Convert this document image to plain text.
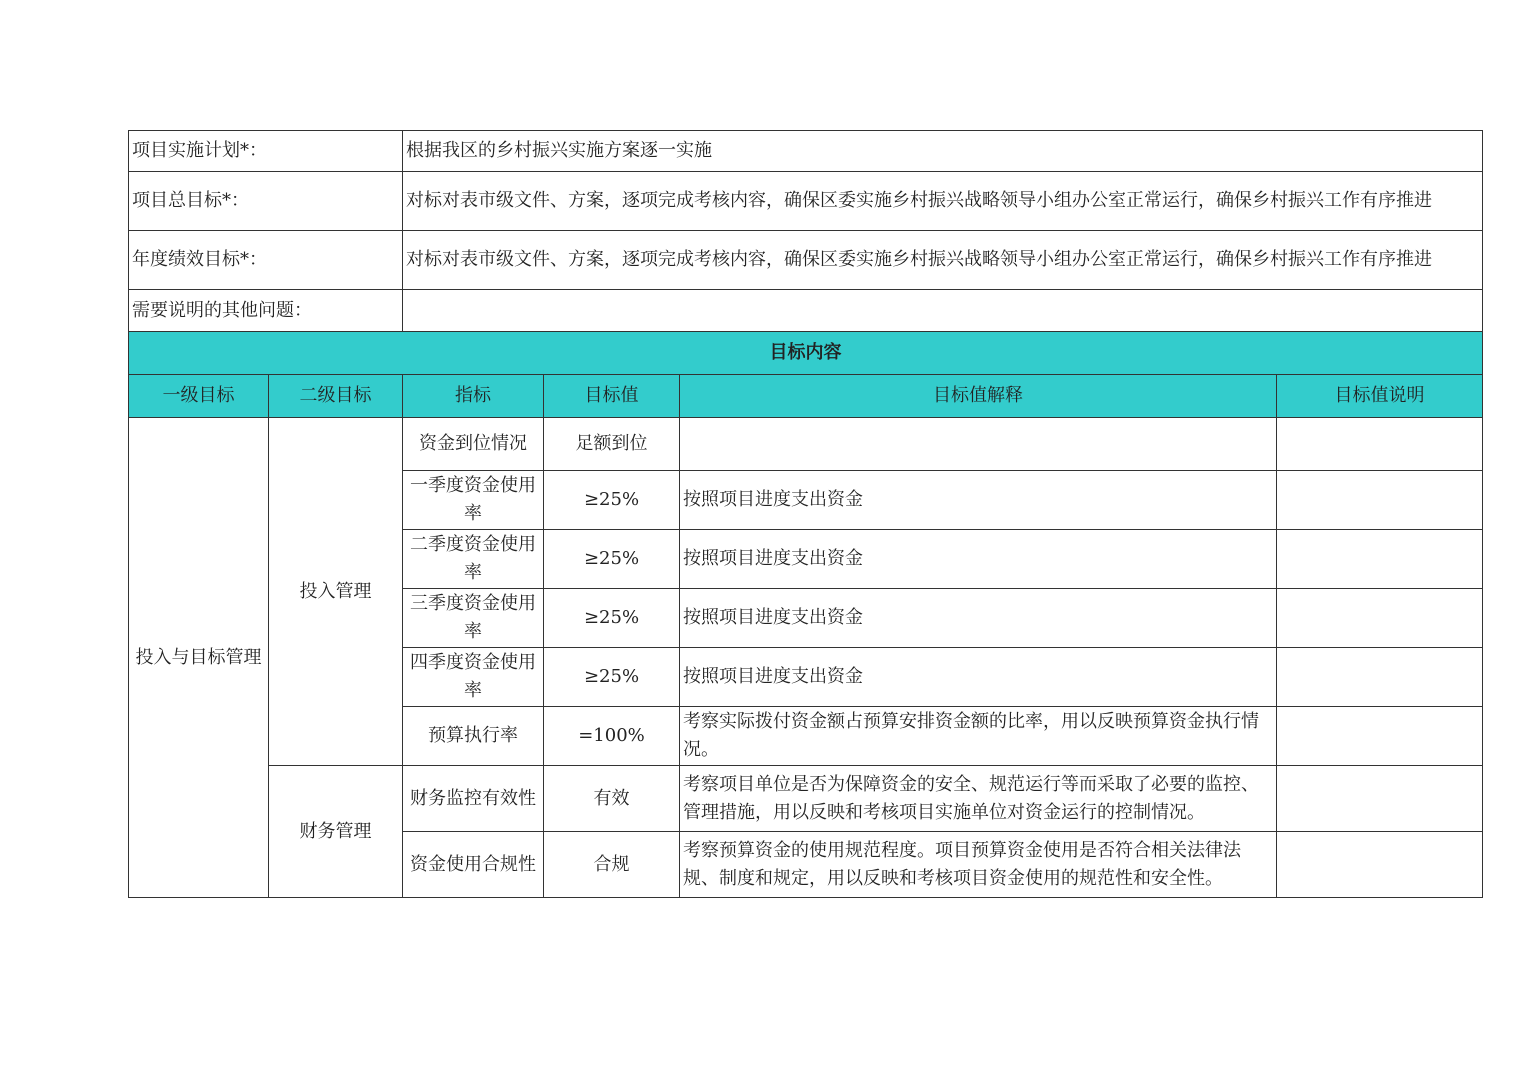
项目实施计划*：		根据我区的乡村振兴实施方案逐一实施			
项目总目标*：		对标对表市级文件、方案，逐项完成考核内容，确保区委实施乡村振兴战略领导小组办公室正常运行，确保乡村振兴工作有序推进			
年度绩效目标*：		对标对表市级文件、方案，逐项完成考核内容，确保区委实施乡村振兴战略领导小组办公室正常运行，确保乡村振兴工作有序推进			
需要说明的其他问题：					
目标内容					
一级目标	二级目标	指标	目标值	目标值解释	目标值说明
投入与目标管理	投入管理	资金到位情况	足额到位		
		一季度资金使用率	≥25%	按照项目进度支出资金	
		二季度资金使用率	≥25%	按照项目进度支出资金	
		三季度资金使用率	≥25%	按照项目进度支出资金	
		四季度资金使用率	≥25%	按照项目进度支出资金	
		预算执行率	=100%	考察实际拨付资金额占预算安排资金额的比率，用以反映预算资金执行情况。	
	财务管理	财务监控有效性	有效	考察项目单位是否为保障资金的安全、规范运行等而采取了必要的监控、管理措施，用以反映和考核项目实施单位对资金运行的控制情况。	
		资金使用合规性	合规	考察预算资金的使用规范程度。项目预算资金使用是否符合相关法律法规、制度和规定，用以反映和考核项目资金使用的规范性和安全性。	
